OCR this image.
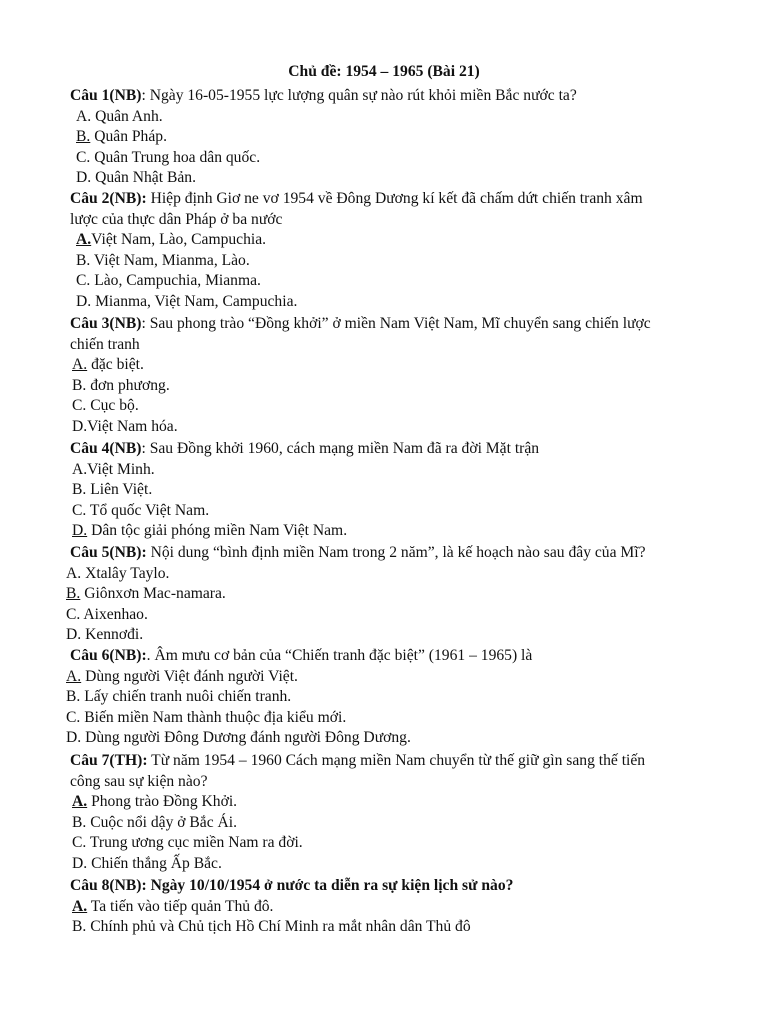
Chủ đề: 1954 – 1965 (Bài 21)

Câu 1(NB): Ngày 16-05-1955 lực lượng quân sự nào rút khỏi miền Bắc nước ta?

A. Quân Anh.

B. Quân Pháp.

C. Quân Trung hoa dân quốc.

D. Quân Nhật Bản.

Câu 2(NB): Hiệp định Giơ ne vơ 1954 về Đông Dương kí kết đã chấm dứt chiến tranh xâm
lược của thực dân Pháp ở ba nước

A.Việt Nam, Lào, Campuchia.

B. Việt Nam, Mianma, Lào.

C. Lào, Campuchia, Mianma.

D. Mianma, Việt Nam, Campuchia.

Câu 3(NB): Sau phong trào “Đồng khởi” ở miền Nam Việt Nam, Mĩ chuyển sang chiến lược
chiến tranh

A. đặc biệt.

B. đơn phương.

C. Cục bộ.

D.Việt Nam hóa.

Câu 4(NB): Sau Đồng khởi 1960, cách mạng miền Nam đã ra đời Mặt trận

A.Việt Minh.

B. Liên Việt.

C. Tổ quốc Việt Nam.

D. Dân tộc giải phóng miền Nam Việt Nam.

Câu 5(NB): Nội dung “bình định miền Nam trong 2 năm”, là kế hoạch nào sau đây của Mĩ?

A. Xtalây Taylo.

B. Giônxơn Mac-namara.

C. Aixenhao.

D. Kennơđi.

Câu 6(NB):. Âm mưu cơ bản của “Chiến tranh đặc biệt” (1961 – 1965) là

A. Dùng người Việt đánh người Việt.

B. Lấy chiến tranh nuôi chiến tranh.

C. Biến miền Nam thành thuộc địa kiểu mới.

D. Dùng người Đông Dương đánh người Đông Dương.

Câu 7(TH): Từ năm 1954 – 1960 Cách mạng miền Nam chuyển từ thế giữ gìn sang thế tiến
công sau sự kiện nào?

A. Phong trào Đồng Khởi.

B. Cuộc nổi dậy ở Bắc Ái.

C. Trung ương cục miền Nam ra đời.

D. Chiến thắng Ấp Bắc.

Câu 8(NB): Ngày 10/10/1954 ở nước ta diễn ra sự kiện lịch sử nào?

A. Ta tiến vào tiếp quản Thủ đô.

B. Chính phủ và Chủ tịch Hồ Chí Minh ra mắt nhân dân Thủ đô
